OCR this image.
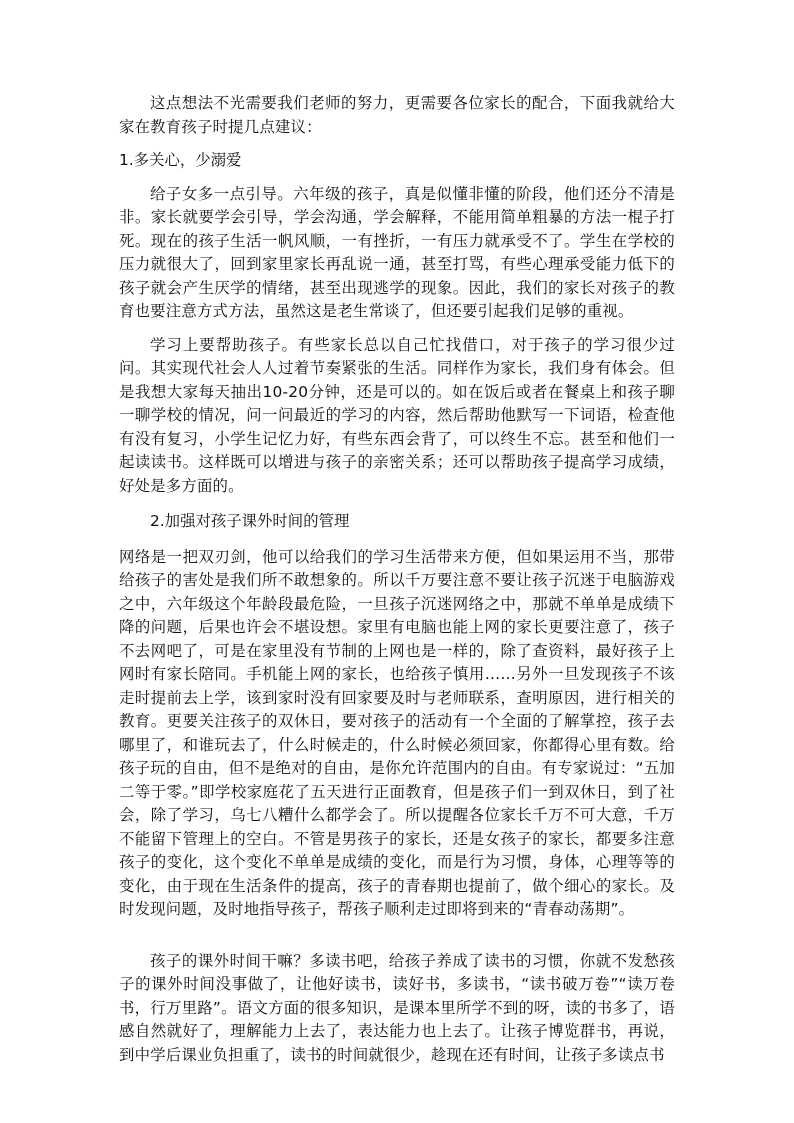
这点想法不光需要我们老师的努力，更需要各位家长的配合，下面我就给大家在教育孩子时提几点建议：

1.多关心，少溺爱

给子女多一点引导。六年级的孩子，真是似懂非懂的阶段，他们还分不清是非。家长就要学会引导，学会沟通，学会解释，不能用简单粗暴的方法一棍子打死。现在的孩子生活一帆风顺，一有挫折，一有压力就承受不了。学生在学校的压力就很大了，回到家里家长再乱说一通，甚至打骂，有些心理承受能力低下的孩子就会产生厌学的情绪，甚至出现逃学的现象。因此，我们的家长对孩子的教育也要注意方式方法，虽然这是老生常谈了，但还要引起我们足够的重视。

学习上要帮助孩子。有些家长总以自己忙找借口，对于孩子的学习很少过问。其实现代社会人人过着节奏紧张的生活。同样作为家长，我们身有体会。但是我想大家每天抽出10-20分钟，还是可以的。如在饭后或者在餐桌上和孩子聊一聊学校的情况，问一问最近的学习的内容，然后帮助他默写一下词语，检查他有没有复习，小学生记忆力好，有些东西会背了，可以终生不忘。甚至和他们一起读读书。这样既可以增进与孩子的亲密关系；还可以帮助孩子提高学习成绩，好处是多方面的。

2.加强对孩子课外时间的管理

网络是一把双刃剑，他可以给我们的学习生活带来方便，但如果运用不当，那带给孩子的害处是我们所不敢想象的。所以千万要注意不要让孩子沉迷于电脑游戏之中，六年级这个年龄段最危险，一旦孩子沉迷网络之中，那就不单单是成绩下降的问题，后果也许会不堪设想。家里有电脑也能上网的家长更要注意了，孩子不去网吧了，可是在家里没有节制的上网也是一样的，除了查资料，最好孩子上网时有家长陪同。手机能上网的家长，也给孩子慎用……另外一旦发现孩子不该走时提前去上学，该到家时没有回家要及时与老师联系，查明原因，进行相关的教育。更要关注孩子的双休日，要对孩子的活动有一个全面的了解掌控，孩子去哪里了，和谁玩去了，什么时候走的，什么时候必须回家，你都得心里有数。给孩子玩的自由，但不是绝对的自由，是你允许范围内的自由。有专家说过：“五加二等于零。”即学校家庭花了五天进行正面教育，但是孩子们一到双休日，到了社会，除了学习，乌七八糟什么都学会了。所以提醒各位家长千万不可大意，千万不能留下管理上的空白。不管是男孩子的家长，还是女孩子的家长，都要多注意孩子的变化，这个变化不单单是成绩的变化，而是行为习惯，身体，心理等等的变化，由于现在生活条件的提高，孩子的青春期也提前了，做个细心的家长。及时发现问题，及时地指导孩子，帮孩子顺利走过即将到来的“青春动荡期”。

孩子的课外时间干嘛？多读书吧，给孩子养成了读书的习惯，你就不发愁孩子的课外时间没事做了，让他好读书，读好书，多读书，“读书破万卷”“读万卷书，行万里路”。语文方面的很多知识，是课本里所学不到的呀，读的书多了，语感自然就好了，理解能力上去了，表达能力也上去了。让孩子博览群书，再说，到中学后课业负担重了，读书的时间就很少，趁现在还有时间，让孩子多读点书
